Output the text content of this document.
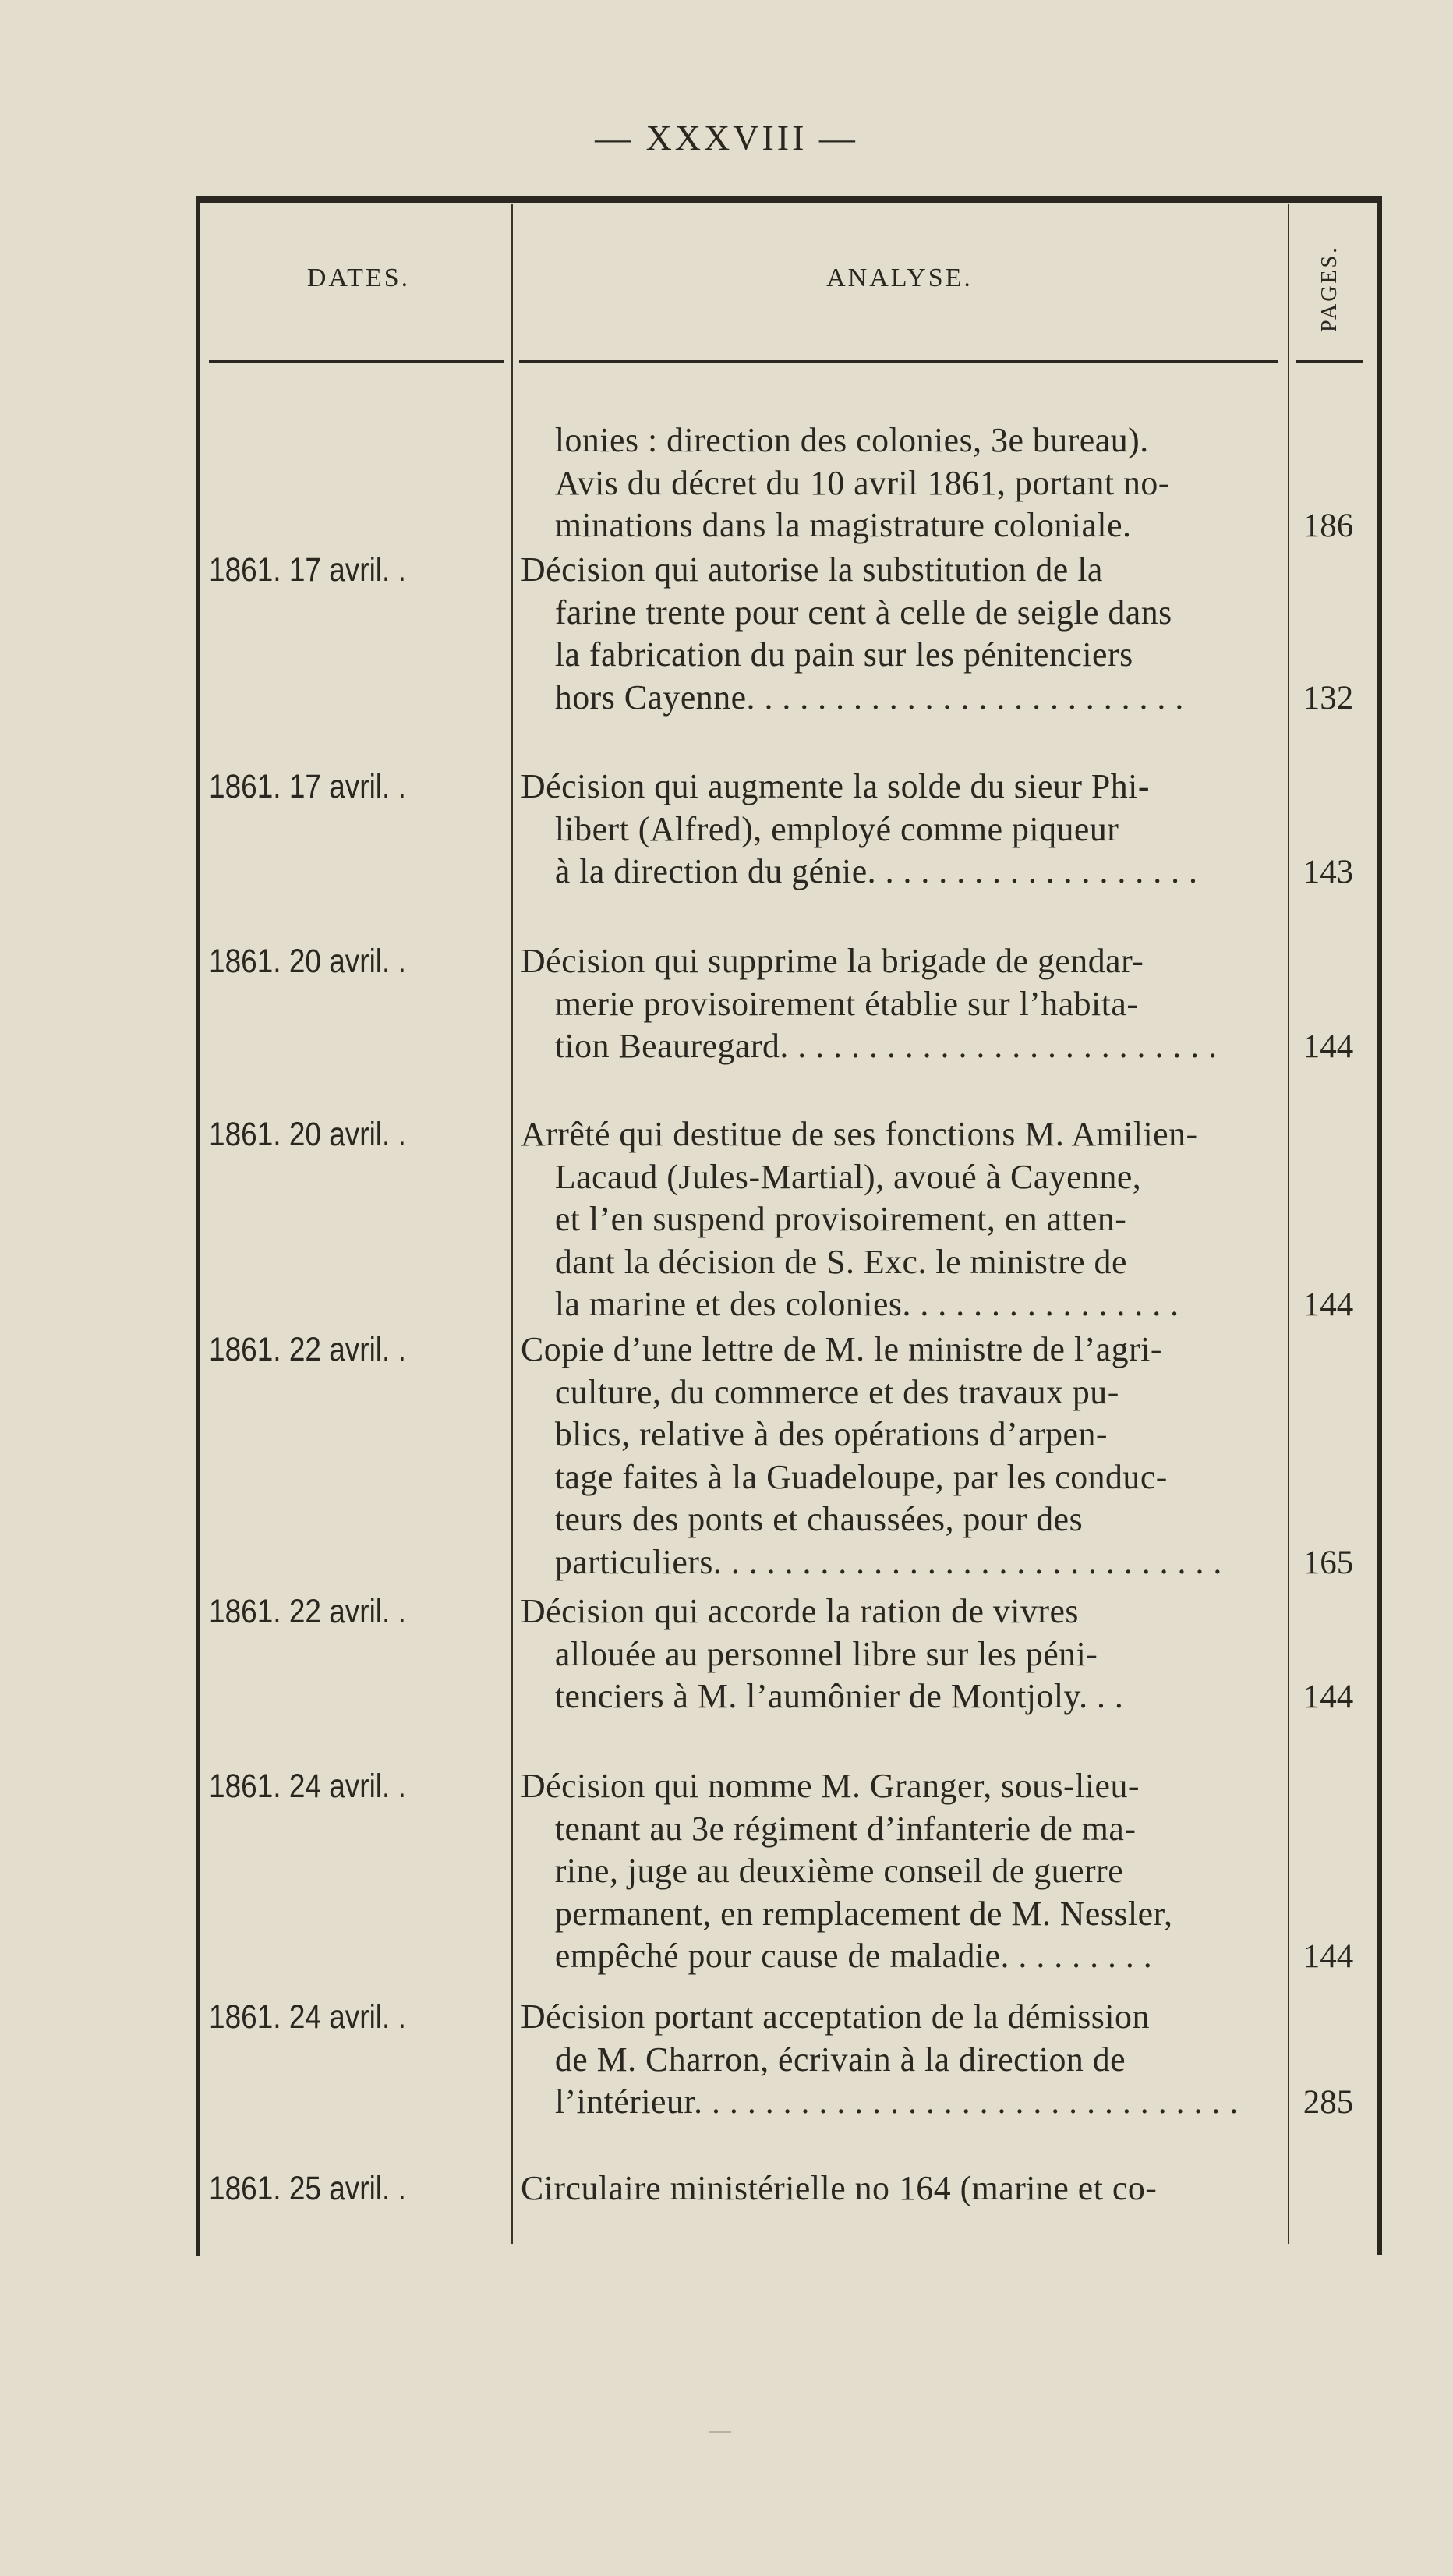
— XXXVIII —
DATES.	ANALYSE.	PAGES.
lonies : direction des colonies, 3e bureau).
Avis du décret du 10 avril 1861, portant no-
minations dans la magistrature coloniale.	186
1861. 17 avril. .	Décision qui autorise la substitution de la
farine trente pour cent à celle de seigle dans
la fabrication du pain sur les pénitenciers
hors Cayenne. . . . . . . . . . . . . . . . . . . . . . . . .	132
1861. 17 avril. .	Décision qui augmente la solde du sieur Phi-
libert (Alfred), employé comme piqueur
à la direction du génie. . . . . . . . . . . . . . . . . . .	143
1861. 20 avril. .	Décision qui supprime la brigade de gendar-
merie provisoirement établie sur l’habita-
tion Beauregard. . . . . . . . . . . . . . . . . . . . . . . . .	144
1861. 20 avril. .	Arrêté qui destitue de ses fonctions M. Amilien-
Lacaud (Jules-Martial), avoué à Cayenne,
et l’en suspend provisoirement, en atten-
dant la décision de S. Exc. le ministre de
la marine et des colonies. . . . . . . . . . . . . . . .	144
1861. 22 avril. .	Copie d’une lettre de M. le ministre de l’agri-
culture, du commerce et des travaux pu-
blics, relative à des opérations d’arpen-
tage faites à la Guadeloupe, par les conduc-
teurs des ponts et chaussées, pour des
particuliers. . . . . . . . . . . . . . . . . . . . . . . . . . . . .	165
1861. 22 avril. .	Décision qui accorde la ration de vivres
allouée au personnel libre sur les péni-
tenciers à M. l’aumônier de Montjoly. . .	144
1861. 24 avril. .	Décision qui nomme M. Granger, sous-lieu-
tenant au 3e régiment d’infanterie de ma-
rine, juge au deuxième conseil de guerre
permanent, en remplacement de M. Nessler,
empêché pour cause de maladie. . . . . . . . .	144
1861. 24 avril. .	Décision portant acceptation de la démission
de M. Charron, écrivain à la direction de
l’intérieur. . . . . . . . . . . . . . . . . . . . . . . . . . . . . . .	285
1861. 25 avril. .	Circulaire ministérielle no 164 (marine et co-
